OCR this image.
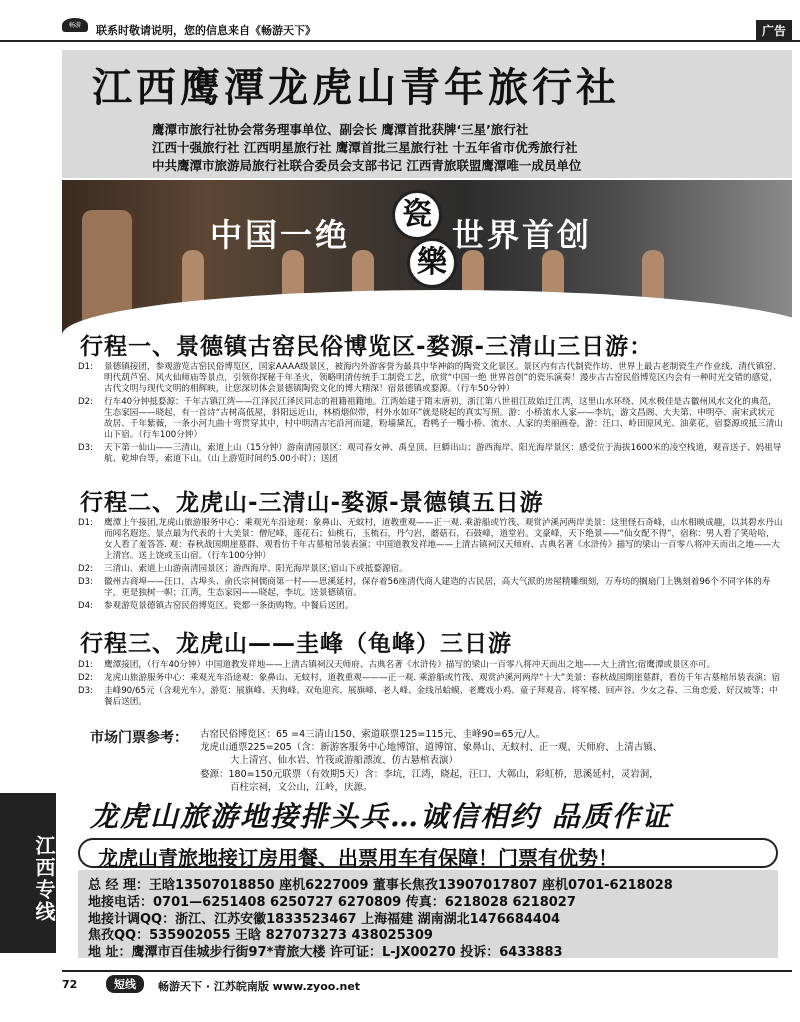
畅游	联系时敬请说明，您的信息来自《畅游天下》	广告
江西鹰潭龙虎山青年旅行社
鹰潭市旅行社协会常务理事单位、副会长 鹰潭首批获牌‘三星’旅行社
江西十强旅行社 江西明星旅行社 鹰潭首批三星旅行社 十五年省市优秀旅行社
中共鹰潭市旅游局旅行社联合委员会支部书记 江西青旅联盟鹰潭唯一成员单位
中国一绝
瓷
樂
世界首创
行程一、景德镇古窑民俗博览区-婺源-三清山三日游：
D1:	景德镇接团，参观游览古窑民俗博览区，国家AAAA级景区，被海内外游客誉为最具中华神韵的陶瓷文化景区。景区内有古代制瓷作坊、世界上最古老制瓷生产作业线、清代镇窑、明代葫芦窑、风火仙师庙等景点，引领你探秘千年圣火，领略明清传统手工制瓷工艺，欣赏“中国一绝 世界首创”的瓷乐演奏！漫步古古窑民俗博览区内会有一种时光交错的感觉，古代文明与现代文明的相辉映，让您深切体会景德镇陶瓷文化的博大精深！宿景德镇或婺源。（行车50分钟）
D2:	行车40分钟抵婺源：千年古镇江湾——江泽民江泽民同志的祖籍祖籍地。江湾始建于隋末唐初，浙江第八世祖江敌始迁江湾，这里山水环绕、风水极佳是古徽州风水文化的典范，生态家园——晓起，有一首诗“古树高低屋，斜阳远近山，林梢烟似带，村外水如环”就是晓起的真实写照。游：小桥流水人家——李坑，游文昌阁、大夫第、申明亭、南宋武状元故居、千年紫薇，一条小河九曲十弯贯穿其中，村中明清古宅沿河而建，粉墙黛瓦，看鸭子一嘴小桥、流水、人家的美丽画卷，游：汪口、岭田原风光、油菜花，宿婺源或抵三清山山下宿。（行车100分钟）
D3:	天下第一仙山——三清山，索道上山（15分钟）游南清园景区：观司春女神、禹皇顶、巨蟒出山；游西海岸、阳光海岸景区：感受位于海拔1600米的凌空栈道，观音送子、妈祖导航、乾坤台等，索道下山。（山上游览时间约5.00小时）；送团
行程二、龙虎山-三清山-婺源-景德镇五日游
D1:	鹰潭上午接团,龙虎山旅游服务中心：乘观光车沿途观：象鼻山、无蚊村，道教重观——正一观. 乘游船或竹筏、观赏泸溪河两岸美景：这里怪石奇峰，山水相映成趣，以其碧水丹山而闻名遐迩。景点最为代表的十大美景：僧尼峰，莲花石；仙桃石，玉梳石，丹勺岩，蘑菇石，石鼓峰，道堂岩。文豪峰，天下绝景——“仙女配不得”，宿称：男人看了笑哈哈，女人看了羞答答. 观：春秋战国期崖墓群、观看仿千年古墓棺吊装表演；中国道教发祥地——上清古镇祠汉天师府、古典名著《水浒传》描写的梁山一百零八将冲天而出之地——大上清宫。送上饶或玉山宿。（行车100分钟）
D2:	三清山、索道上山游南清园景区；游西海岸、阳光海岸景区;宿山下或抵婺源宿。
D3:	徽州古商埠——汪口，古埠头、俞氏宗祠儒商第一村——思溪延村，保存着56座清代商人建造的古民居，高大气派的房屋精雕细刻，万寿坊的搁扇门上镌刻着96个不同字体的寿字，更是独树一帜；江湾，生态家园——晓起，李坑。送景德镇宿。
D4:	参观游览景德镇古窑民俗博览区。瓷都一条街购物。中餐后送团。
行程三、龙虎山——圭峰（龟峰）三日游
D1:	鹰潭接团，（行车40分钟）中国道教发祥地——上清古镇祠汉天师府、古典名著《水浒传》描写的梁山一百零八将冲天而出之地——大上清宫;宿鹰潭或景区亦可。
D2:	龙虎山旅游服务中心：乘观光车沿途观：象鼻山、无蚊村，道教重观———正一观. 乘游船或竹筏、观赏泸溪河两岸“十大”美景：春秋战国期崖墓群，看仿千年古墓棺吊装表演；宿
D3:	圭峰90/65元（含观光车），游览：展旗峰、天狗峰、双龟迎宾、展旗峰、老人峰、金线吊蛤蟆、老鹰戏小鸡、童子拜观音、将军楼、回声谷、少女之春、三角恋爱、好汉坡等；中餐后送团。
市场门票参考： 古窑民俗博览区：65 =4三清山150、索道联票125=115元、圭峰90=65元/人。
龙虎山通票225=205（含：新游客服务中心地博馆、道博馆、象鼻山、无蚊村、正一观、天师府、上清古镇、
大上清宫、仙水岩、竹筏或游船漂流、仿古悬棺表演）
婺源：180=150元联票（有效期5天）含：李坑，江湾，晓起，汪口、大鄣山，彩虹桥，思溪延村，灵岩洞，
百柱宗祠，文公山，江岭，庆源。
江西专线
龙虎山旅游地接排头兵…诚信相约 品质作证
龙虎山青旅地接订房用餐、出票用车有保障！门票有优势！
总 经 理：王晗13507018850 座机6227009 董事长焦孜13907017807 座机0701-6218028
地接电话：0701—6251408 6250727 6270809 传真：6218028 6218027
地接计调QQ：浙江、江苏安徽1833523467 上海福建 湖南湖北1476684404
焦孜QQ：535902055 王晗 827073273 438025309
地 址：鹰潭市百佳城步行街97*青旅大楼 许可证：L-JX00270 投诉：6433883
72	短线	畅游天下 · 江苏皖南版 www.zyoo.net
